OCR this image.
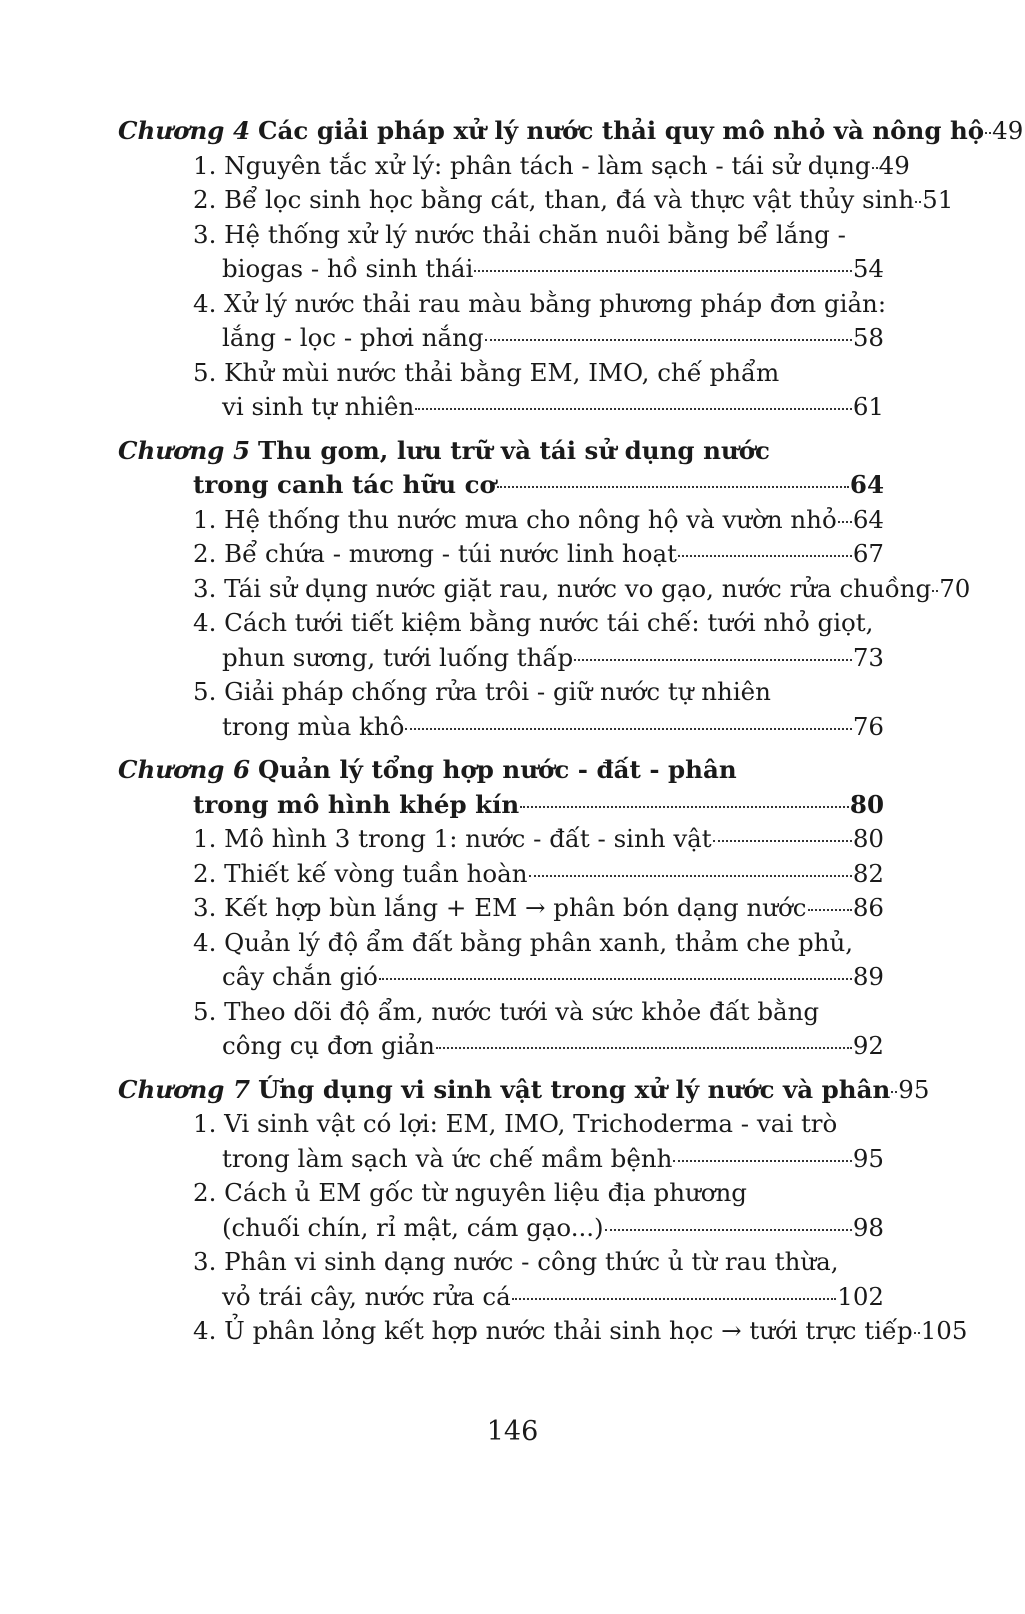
Chương 4 Các giải pháp xử lý nước thải quy mô nhỏ và nông hộ 49
1. Nguyên tắc xử lý: phân tách - làm sạch - tái sử dụng 49
2. Bể lọc sinh học bằng cát, than, đá và thực vật thủy sinh 51
3. Hệ thống xử lý nước thải chăn nuôi bằng bể lắng -
biogas - hồ sinh thái	54
4. Xử lý nước thải rau màu bằng phương pháp đơn giản:
lắng - lọc - phơi nắng	58
5. Khử mùi nước thải bằng EM, IMO, chế phẩm
vi sinh tự nhiên	61
Chương 5 Thu gom, lưu trữ và tái sử dụng nước
trong canh tác hữu cơ	64
1. Hệ thống thu nước mưa cho nông hộ và vườn nhỏ 64
2. Bể chứa - mương - túi nước linh hoạt	67
3. Tái sử dụng nước giặt rau, nước vo gạo, nước rửa chuồng 70
4. Cách tưới tiết kiệm bằng nước tái chế: tưới nhỏ giọt,
phun sương, tưới luống thấp	73
5. Giải pháp chống rửa trôi - giữ nước tự nhiên
trong mùa khô	76
Chương 6 Quản lý tổng hợp nước - đất - phân
trong mô hình khép kín	80
1. Mô hình 3 trong 1: nước - đất - sinh vật	80
2. Thiết kế vòng tuần hoàn	82
3. Kết hợp bùn lắng + EM → phân bón dạng nước 86
4. Quản lý độ ẩm đất bằng phân xanh, thảm che phủ,
cây chắn gió	89
5. Theo dõi độ ẩm, nước tưới và sức khỏe đất bằng
công cụ đơn giản	92
Chương 7 Ứng dụng vi sinh vật trong xử lý nước và phân 95
1. Vi sinh vật có lợi: EM, IMO, Trichoderma - vai trò
trong làm sạch và ức chế mầm bệnh	95
2. Cách ủ EM gốc từ nguyên liệu địa phương
(chuối chín, rỉ mật, cám gạo...)	98
3. Phân vi sinh dạng nước - công thức ủ từ rau thừa,
vỏ trái cây, nước rửa cá	102
4. Ủ phân lỏng kết hợp nước thải sinh học → tưới trực tiếp 105
146
